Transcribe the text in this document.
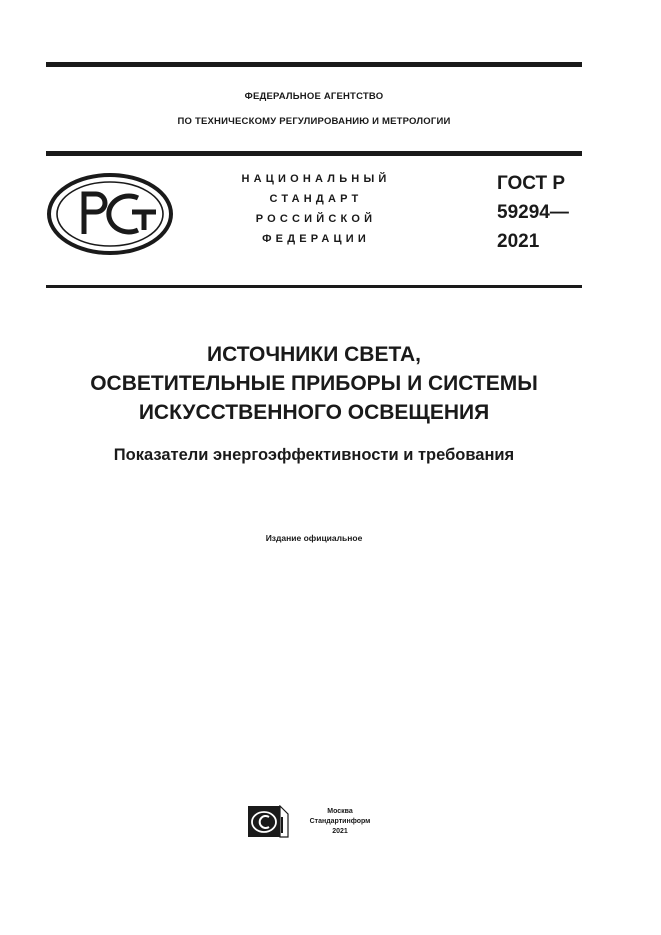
ФЕДЕРАЛЬНОЕ АГЕНТСТВО
ПО ТЕХНИЧЕСКОМУ РЕГУЛИРОВАНИЮ И МЕТРОЛОГИИ
НАЦИОНАЛЬНЫЙ
СТАНДАРТ
РОССИЙСКОЙ
ФЕДЕРАЦИИ
ГОСТ Р
59294—
2021
ИСТОЧНИКИ СВЕТА,
ОСВЕТИТЕЛЬНЫЕ ПРИБОРЫ И СИСТЕМЫ
ИСКУССТВЕННОГО ОСВЕЩЕНИЯ
Показатели энергоэффективности и требования
Издание официальное
Москва
Стандартинформ
2021
